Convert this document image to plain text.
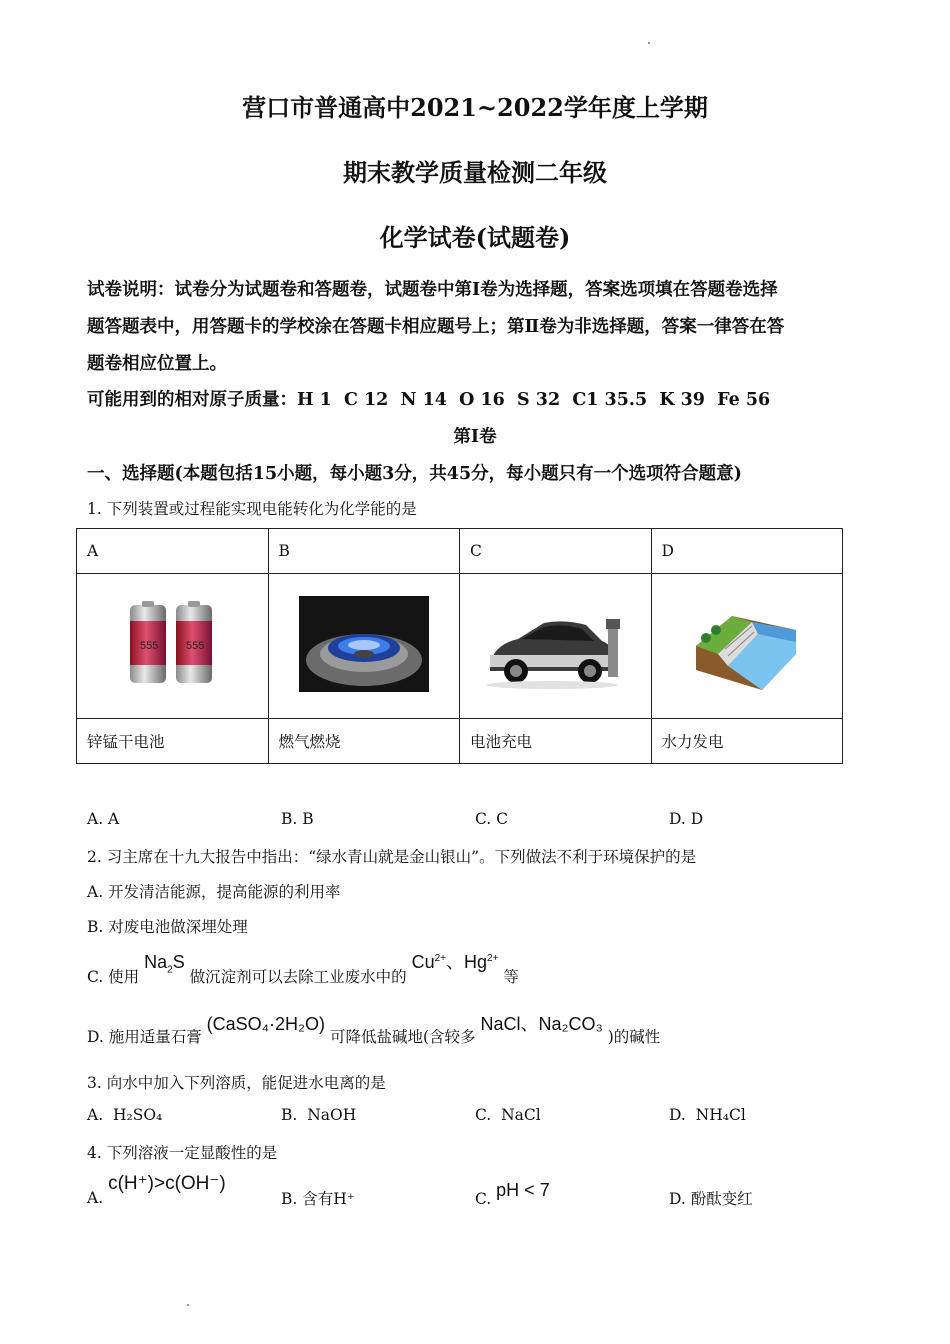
营口市普通高中2021~2022学年度上学期
期末教学质量检测二年级
化学试卷(试题卷)
试卷说明：试卷分为试题卷和答题卷，试题卷中第Ⅰ卷为选择题，答案选项填在答题卷选择
题答题表中，用答题卡的学校涂在答题卡相应题号上；第Ⅱ卷为非选择题，答案一律答在答
题卷相应位置上。
可能用到的相对原子质量：H 1  C 12  N 14  O 16  S 32  C1 35.5  K 39  Fe 56
第Ⅰ卷
一、选择题(本题包括15小题，每小题3分，共45分，每小题只有一个选项符合题意)
1. 下列装置或过程能实现电能转化为化学能的是
A	B	C	D

555 555

锌锰干电池	燃气燃烧	电池充电	水力发电
A. A	B. B	C. C	D. D
2. 习主席在十九大报告中指出：“绿水青山就是金山银山”。下列做法不利于环境保护的是
A. 开发清洁能源，提高能源的利用率
B. 对废电池做深埋处理
C. 使用 $Na_2S$ 做沉淀剂可以去除工业废水中的 $Cu^{2+}$、$Hg^{2+}$ 等
D. 施用适量石膏 (CaSO₄·2H₂O) 可降低盐碱地(含较多 NaCl、Na₂CO₃ )的碱性
3. 向水中加入下列溶质，能促进水电离的是
A. H₂SO₄	B. NaOH	C. NaCl	D. NH₄Cl
4. 下列溶液一定显酸性的是
A. c(H⁺)>c(OH⁻)
B. 含有H⁺	C. pH < 7	D. 酚酞变红
